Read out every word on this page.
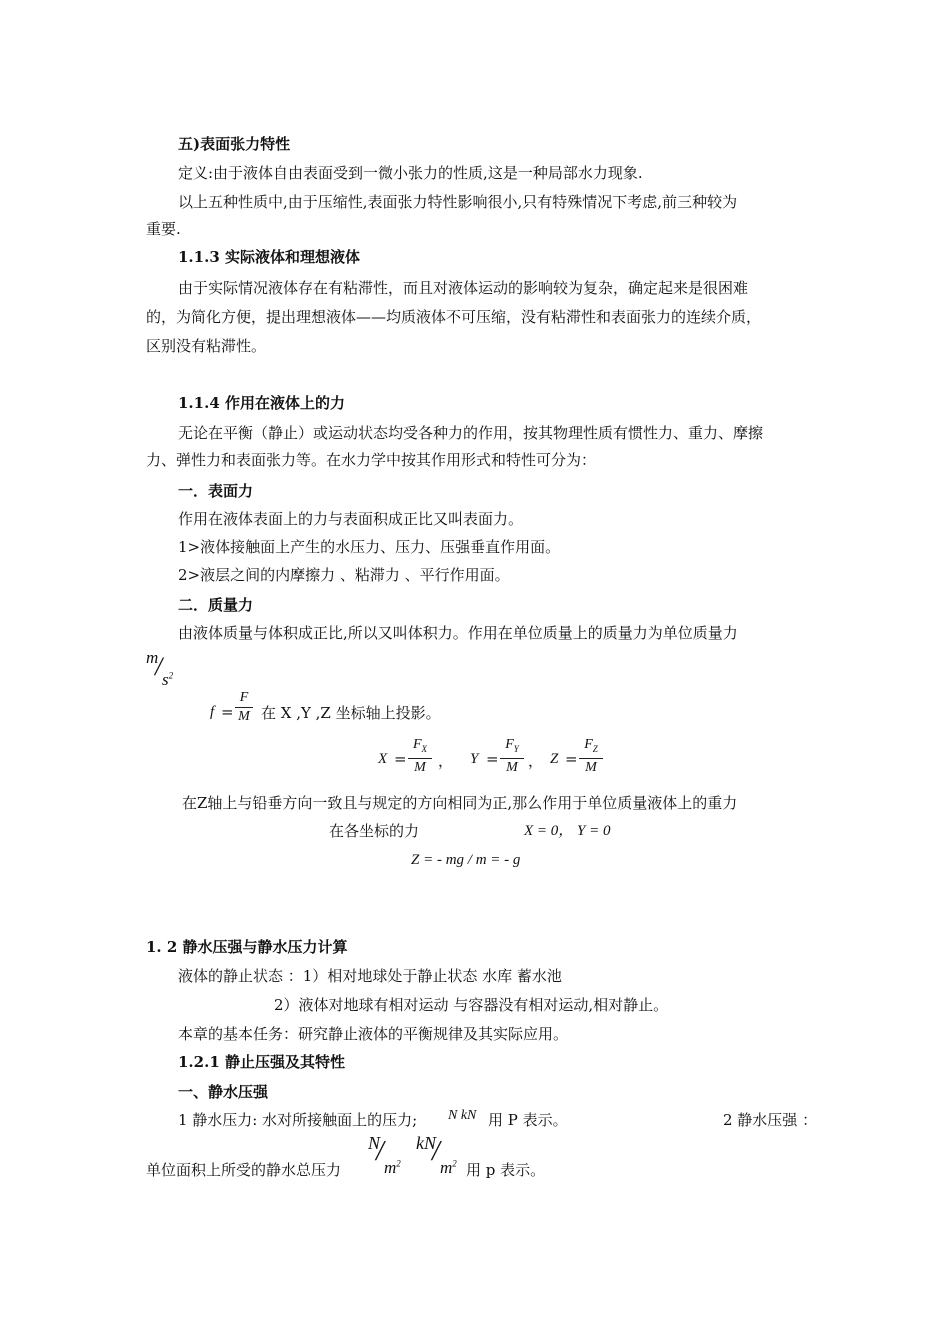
五)表面张力特性
定义:由于液体自由表面受到一微小张力的性质,这是一种局部水力现象.
以上五种性质中,由于压缩性,表面张力特性影响很小,只有特殊情况下考虑,前三种较为
重要.
1.1.3 实际液体和理想液体
由于实际情况液体存在有粘滞性，而且对液体运动的影响较为复杂，确定起来是很困难
的，为简化方便，提出理想液体——均质液体不可压缩，没有粘滞性和表面张力的连续介质，
区别没有粘滞性。
1.1.4 作用在液体上的力
无论在平衡（静止）或运动状态均受各种力的作用，按其物理性质有惯性力、重力、摩擦
力、弹性力和表面张力等。在水力学中按其作用形式和特性可分为：
一．表面力
作用在液体表面上的力与表面积成正比又叫表面力。
1>液体接触面上产生的水压力、压力、压强垂直作用面。
2>液层之间的内摩擦力 、粘滞力 、平行作用面。
二．质量力
由液体质量与体积成正比,所以又叫体积力。作用在单位质量上的质量力为单位质量力
m
/ $s^2$
f =
F
M 在 X ,Y ,Z 坐标轴上投影。
X =
$F_X$
M ， Y =
$F_Y$
M ， Z =
$F_Z$
M
在Z轴上与铅垂方向一致且与规定的方向相同为正,那么作用于单位质量液体上的重力
在各坐标的力	X = 0， Y = 0
Z = - mg / m = - g
1. 2 静水压强与静水压力计算
液体的静止状态 ：1）相对地球处于静止状态 水库 蓄水池
2）液体对地球有相对运动 与容器没有相对运动,相对静止。
本章的基本任务：研究静止液体的平衡规律及其实际应用。
1.2.1 静止压强及其特性
一、静水压强
1 静水压力: 水对所接触面上的压力; N kN 用 P 表示。	2 静水压强 ：
单位面积上所受的静水总压力
N
/
$m^2$
kN
/
$m^2$ 用 p 表示。
